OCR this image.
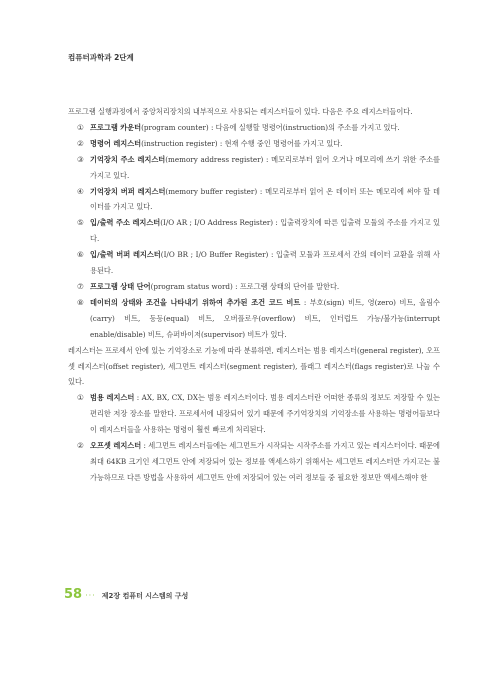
컴퓨터과학과 2단계

프로그램 실행과정에서 중앙처리장치의 내부적으로 사용되는 레지스터들이 있다. 다음은 주요 레지스터들이다.

① 프로그램 카운터(program counter) : 다음에 실행할 명령어(instruction)의 주소를 가지고 있다.
② 명령어 레지스터(instruction register) : 현재 수행 중인 명령어를 가지고 있다.
③ 기억장치 주소 레지스터(memory address register) : 메모리로부터 읽어 오거나 메모리에 쓰기 위한 주소를 가지고 있다.
④ 기억장치 버퍼 레지스터(memory buffer register) : 메모리로부터 읽어 온 데이터 또는 메모리에 써야 할 데이터를 가지고 있다.
⑤ 입/출력 주소 레지스터(I/O AR ; I/O Address Register) : 입출력장치에 따른 입출력 모듈의 주소를 가지고 있다.
⑥ 입/출력 버퍼 레지스터(I/O BR ; I/O Buffer Register) : 입출력 모듈과 프로세서 간의 데이터 교환을 위해 사용된다.
⑦ 프로그램 상태 단어(program status word) : 프로그램 상태의 단어를 말한다.
⑧ 데이터의 상태와 조건을 나타내기 위하여 추가된 조건 코드 비트 : 부호(sign) 비트, 영(zero) 비트, 올림수(carry) 비트, 동등(equal) 비트, 오버플로우(overflow) 비트, 인터럽트 가능/불가능(interrupt enable/disable) 비트, 슈퍼바이저(supervisor) 비트가 있다.

레지스터는 프로세서 안에 있는 기억장소로 기능에 따라 분류하면, 레지스터는 범용 레지스터(general register), 오프셋 레지스터(offset register), 세그먼트 레지스터(segment register), 플래그 레지스터(flags register)로 나눌 수 있다.

① 범용 레지스터 : AX, BX, CX, DX는 범용 레지스터이다. 범용 레지스터란 어떠한 종류의 정보도 저장할 수 있는 편리한 저장 장소를 말한다. 프로세서에 내장되어 있기 때문에 주기억장치의 기억장소를 사용하는 명령어들보다 이 레지스터들을 사용하는 명령이 훨씬 빠르게 처리된다.
② 오프셋 레지스터 : 세그먼트 레지스터들에는 세그먼트가 시작되는 시작주소를 가지고 있는 레지스터이다. 때문에 최대 64KB 크기인 세그먼트 안에 저장되어 있는 정보를 액세스하기 위해서는 세그먼트 레지스터만 가지고는 불가능하므로 다른 방법을 사용하여 세그먼트 안에 저장되어 있는 여러 정보들 중 필요한 정보만 액세스해야 한
58 ··· 제2장 컴퓨터 시스템의 구성
